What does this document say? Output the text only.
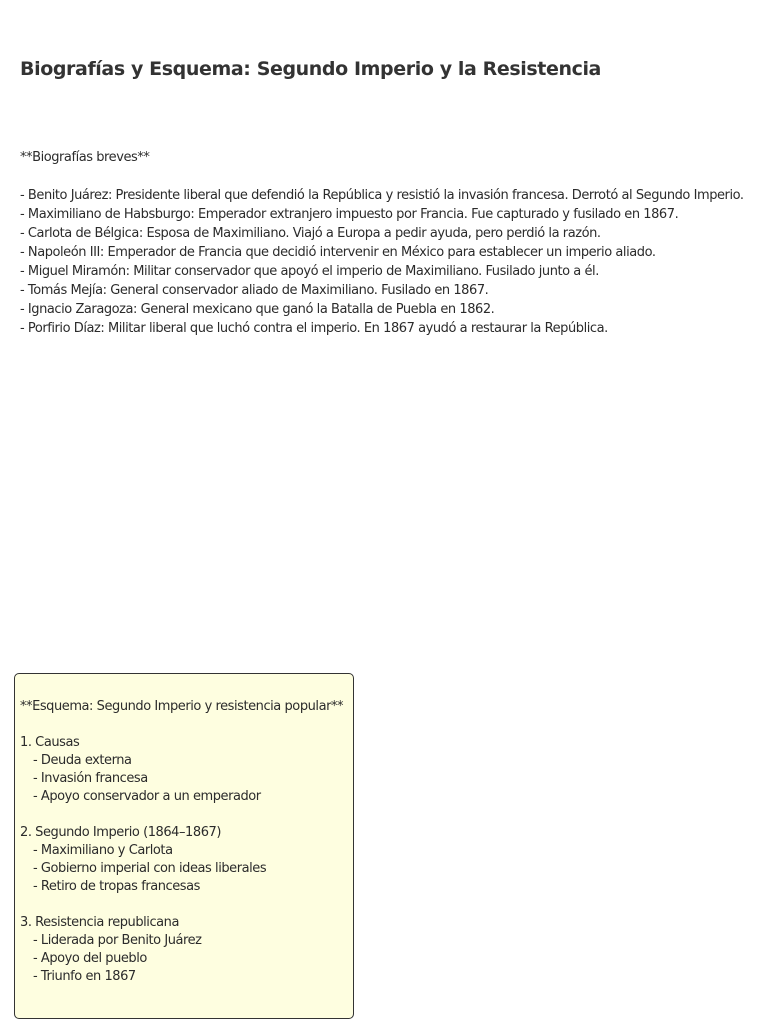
Biografías y Esquema: Segundo Imperio y la Resistencia

**Biografías breves**

- Benito Juárez: Presidente liberal que defendió la República y resistió la invasión francesa. Derrotó al Segundo Imperio.
- Maximiliano de Habsburgo: Emperador extranjero impuesto por Francia. Fue capturado y fusilado en 1867.
- Carlota de Bélgica: Esposa de Maximiliano. Viajó a Europa a pedir ayuda, pero perdió la razón.
- Napoleón III: Emperador de Francia que decidió intervenir en México para establecer un imperio aliado.
- Miguel Miramón: Militar conservador que apoyó el imperio de Maximiliano. Fusilado junto a él.
- Tomás Mejía: General conservador aliado de Maximiliano. Fusilado en 1867.
- Ignacio Zaragoza: General mexicano que ganó la Batalla de Puebla en 1862.
- Porfirio Díaz: Militar liberal que luchó contra el imperio. En 1867 ayudó a restaurar la República.

**Esquema: Segundo Imperio y resistencia popular**

1. Causas
- Deuda externa
- Invasión francesa
- Apoyo conservador a un emperador
2. Segundo Imperio (1864–1867)
- Maximiliano y Carlota
- Gobierno imperial con ideas liberales
- Retiro de tropas francesas
3. Resistencia republicana
- Liderada por Benito Juárez
- Apoyo del pueblo
- Triunfo en 1867
